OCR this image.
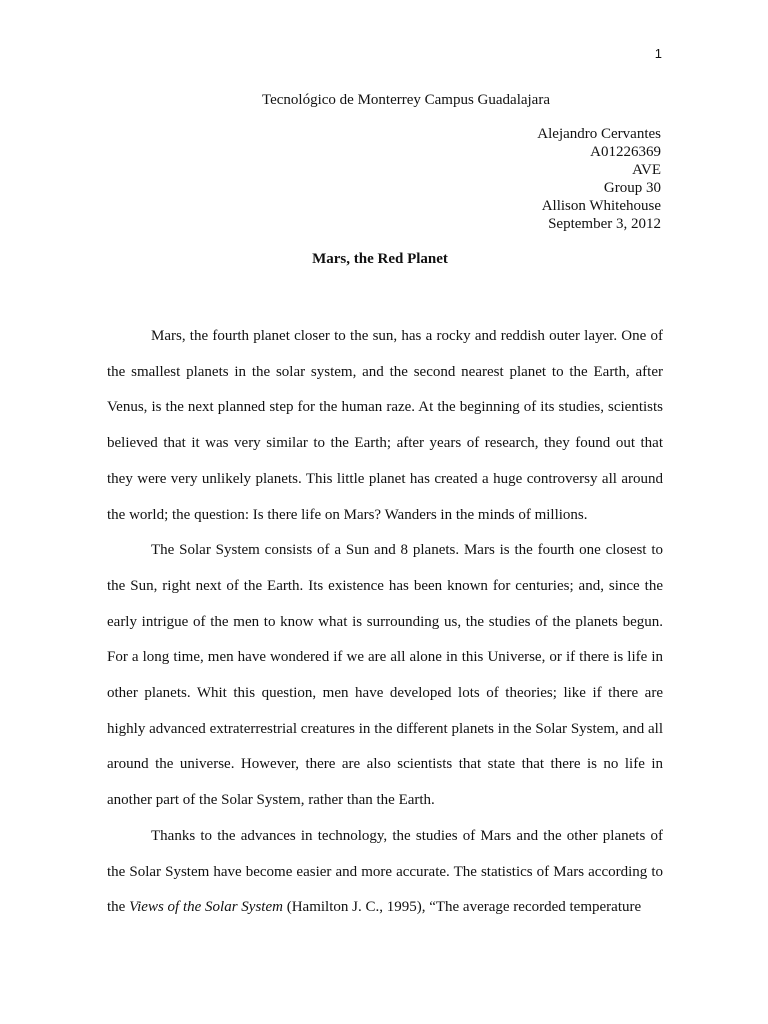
1
Tecnológico de Monterrey Campus Guadalajara
Alejandro Cervantes
A01226369
AVE
Group 30
Allison Whitehouse
September 3, 2012
Mars, the Red Planet

Mars, the fourth planet closer to the sun, has a rocky and reddish outer layer. One of the smallest planets in the solar system, and the second nearest planet to the Earth, after Venus, is the next planned step for the human raze. At the beginning of its studies, scientists believed that it was very similar to the Earth; after years of research, they found out that they were very unlikely planets. This little planet has created a huge controversy all around the world; the question: Is there life on Mars? Wanders in the minds of millions.

The Solar System consists of a Sun and 8 planets. Mars is the fourth one closest to the Sun, right next of the Earth. Its existence has been known for centuries; and, since the early intrigue of the men to know what is surrounding us, the studies of the planets begun. For a long time, men have wondered if we are all alone in this Universe, or if there is life in other planets. Whit this question, men have developed lots of theories; like if there are highly advanced extraterrestrial creatures in the different planets in the Solar System, and all around the universe. However, there are also scientists that state that there is no life in another part of the Solar System, rather than the Earth.

Thanks to the advances in technology, the studies of Mars and the other planets of the Solar System have become easier and more accurate. The statistics of Mars according to the Views of the Solar System (Hamilton J. C., 1995), “The average recorded temperature
